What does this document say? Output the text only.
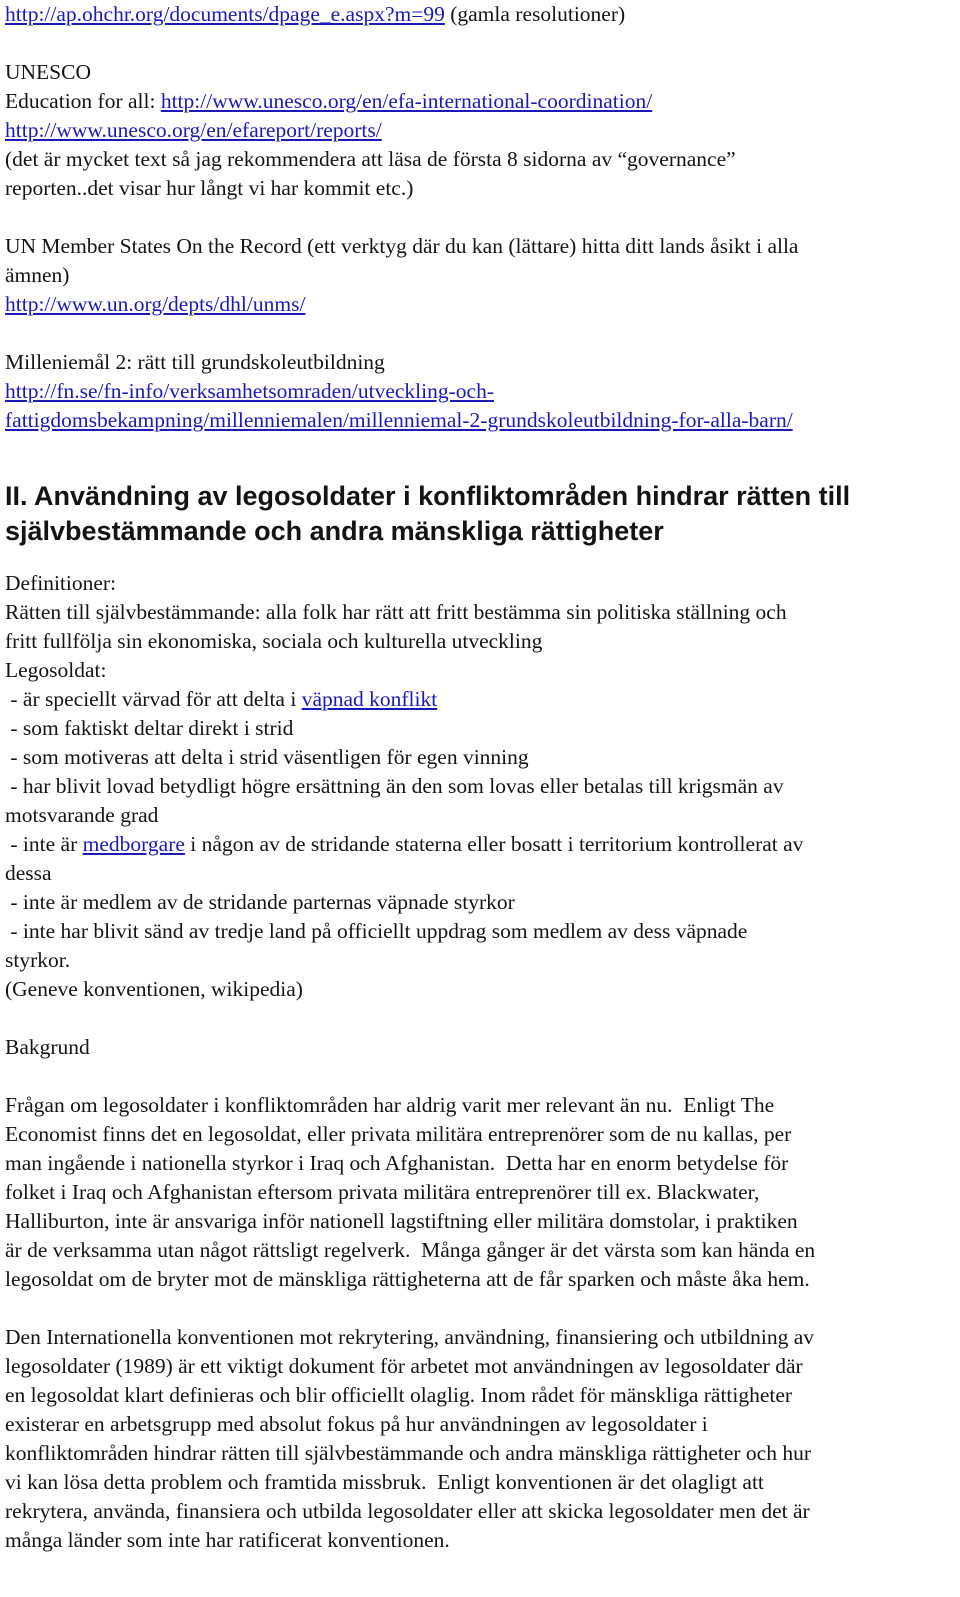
http://ap.ohchr.org/documents/dpage_e.aspx?m=99 (gamla resolutioner)
UNESCO
Education for all: http://www.unesco.org/en/efa-international-coordination/
http://www.unesco.org/en/efareport/reports/
(det är mycket text så jag rekommendera att läsa de första 8 sidorna av “governance”
reporten..det visar hur långt vi har kommit etc.)
UN Member States On the Record (ett verktyg där du kan (lättare) hitta ditt lands åsikt i alla
ämnen)
http://www.un.org/depts/dhl/unms/
Milleniemål 2: rätt till grundskoleutbildning
http://fn.se/fn-info/verksamhetsomraden/utveckling-och-
fattigdomsbekampning/millenniemalen/millenniemal-2-grundskoleutbildning-for-alla-barn/
II. Användning av legosoldater i konfliktområden hindrar rätten till
självbestämmande och andra mänskliga rättigheter
Definitioner:
Rätten till självbestämmande: alla folk har rätt att fritt bestämma sin politiska ställning och
fritt fullfölja sin ekonomiska, sociala och kulturella utveckling
Legosoldat:
- är speciellt värvad för att delta i väpnad konflikt
- som faktiskt deltar direkt i strid
- som motiveras att delta i strid väsentligen för egen vinning
- har blivit lovad betydligt högre ersättning än den som lovas eller betalas till krigsmän av
motsvarande grad
- inte är medborgare i någon av de stridande staterna eller bosatt i territorium kontrollerat av
dessa
- inte är medlem av de stridande parternas väpnade styrkor
- inte har blivit sänd av tredje land på officiellt uppdrag som medlem av dess väpnade
styrkor.
(Geneve konventionen, wikipedia)
Bakgrund

Frågan om legosoldater i konfliktområden har aldrig varit mer relevant än nu.  Enligt The
Economist finns det en legosoldat, eller privata militära entreprenörer som de nu kallas, per
man ingående i nationella styrkor i Iraq och Afghanistan.  Detta har en enorm betydelse för
folket i Iraq och Afghanistan eftersom privata militära entreprenörer till ex. Blackwater,
Halliburton, inte är ansvariga inför nationell lagstiftning eller militära domstolar, i praktiken
är de verksamma utan något rättsligt regelverk.  Många gånger är det värsta som kan hända en
legosoldat om de bryter mot de mänskliga rättigheterna att de får sparken och måste åka hem.

Den Internationella konventionen mot rekrytering, användning, finansiering och utbildning av
legosoldater (1989) är ett viktigt dokument för arbetet mot användningen av legosoldater där
en legosoldat klart definieras och blir officiellt olaglig. Inom rådet för mänskliga rättigheter
existerar en arbetsgrupp med absolut fokus på hur användningen av legosoldater i
konfliktområden hindrar rätten till självbestämmande och andra mänskliga rättigheter och hur
vi kan lösa detta problem och framtida missbruk.  Enligt konventionen är det olagligt att
rekrytera, använda, finansiera och utbilda legosoldater eller att skicka legosoldater men det är
många länder som inte har ratificerat konventionen.
